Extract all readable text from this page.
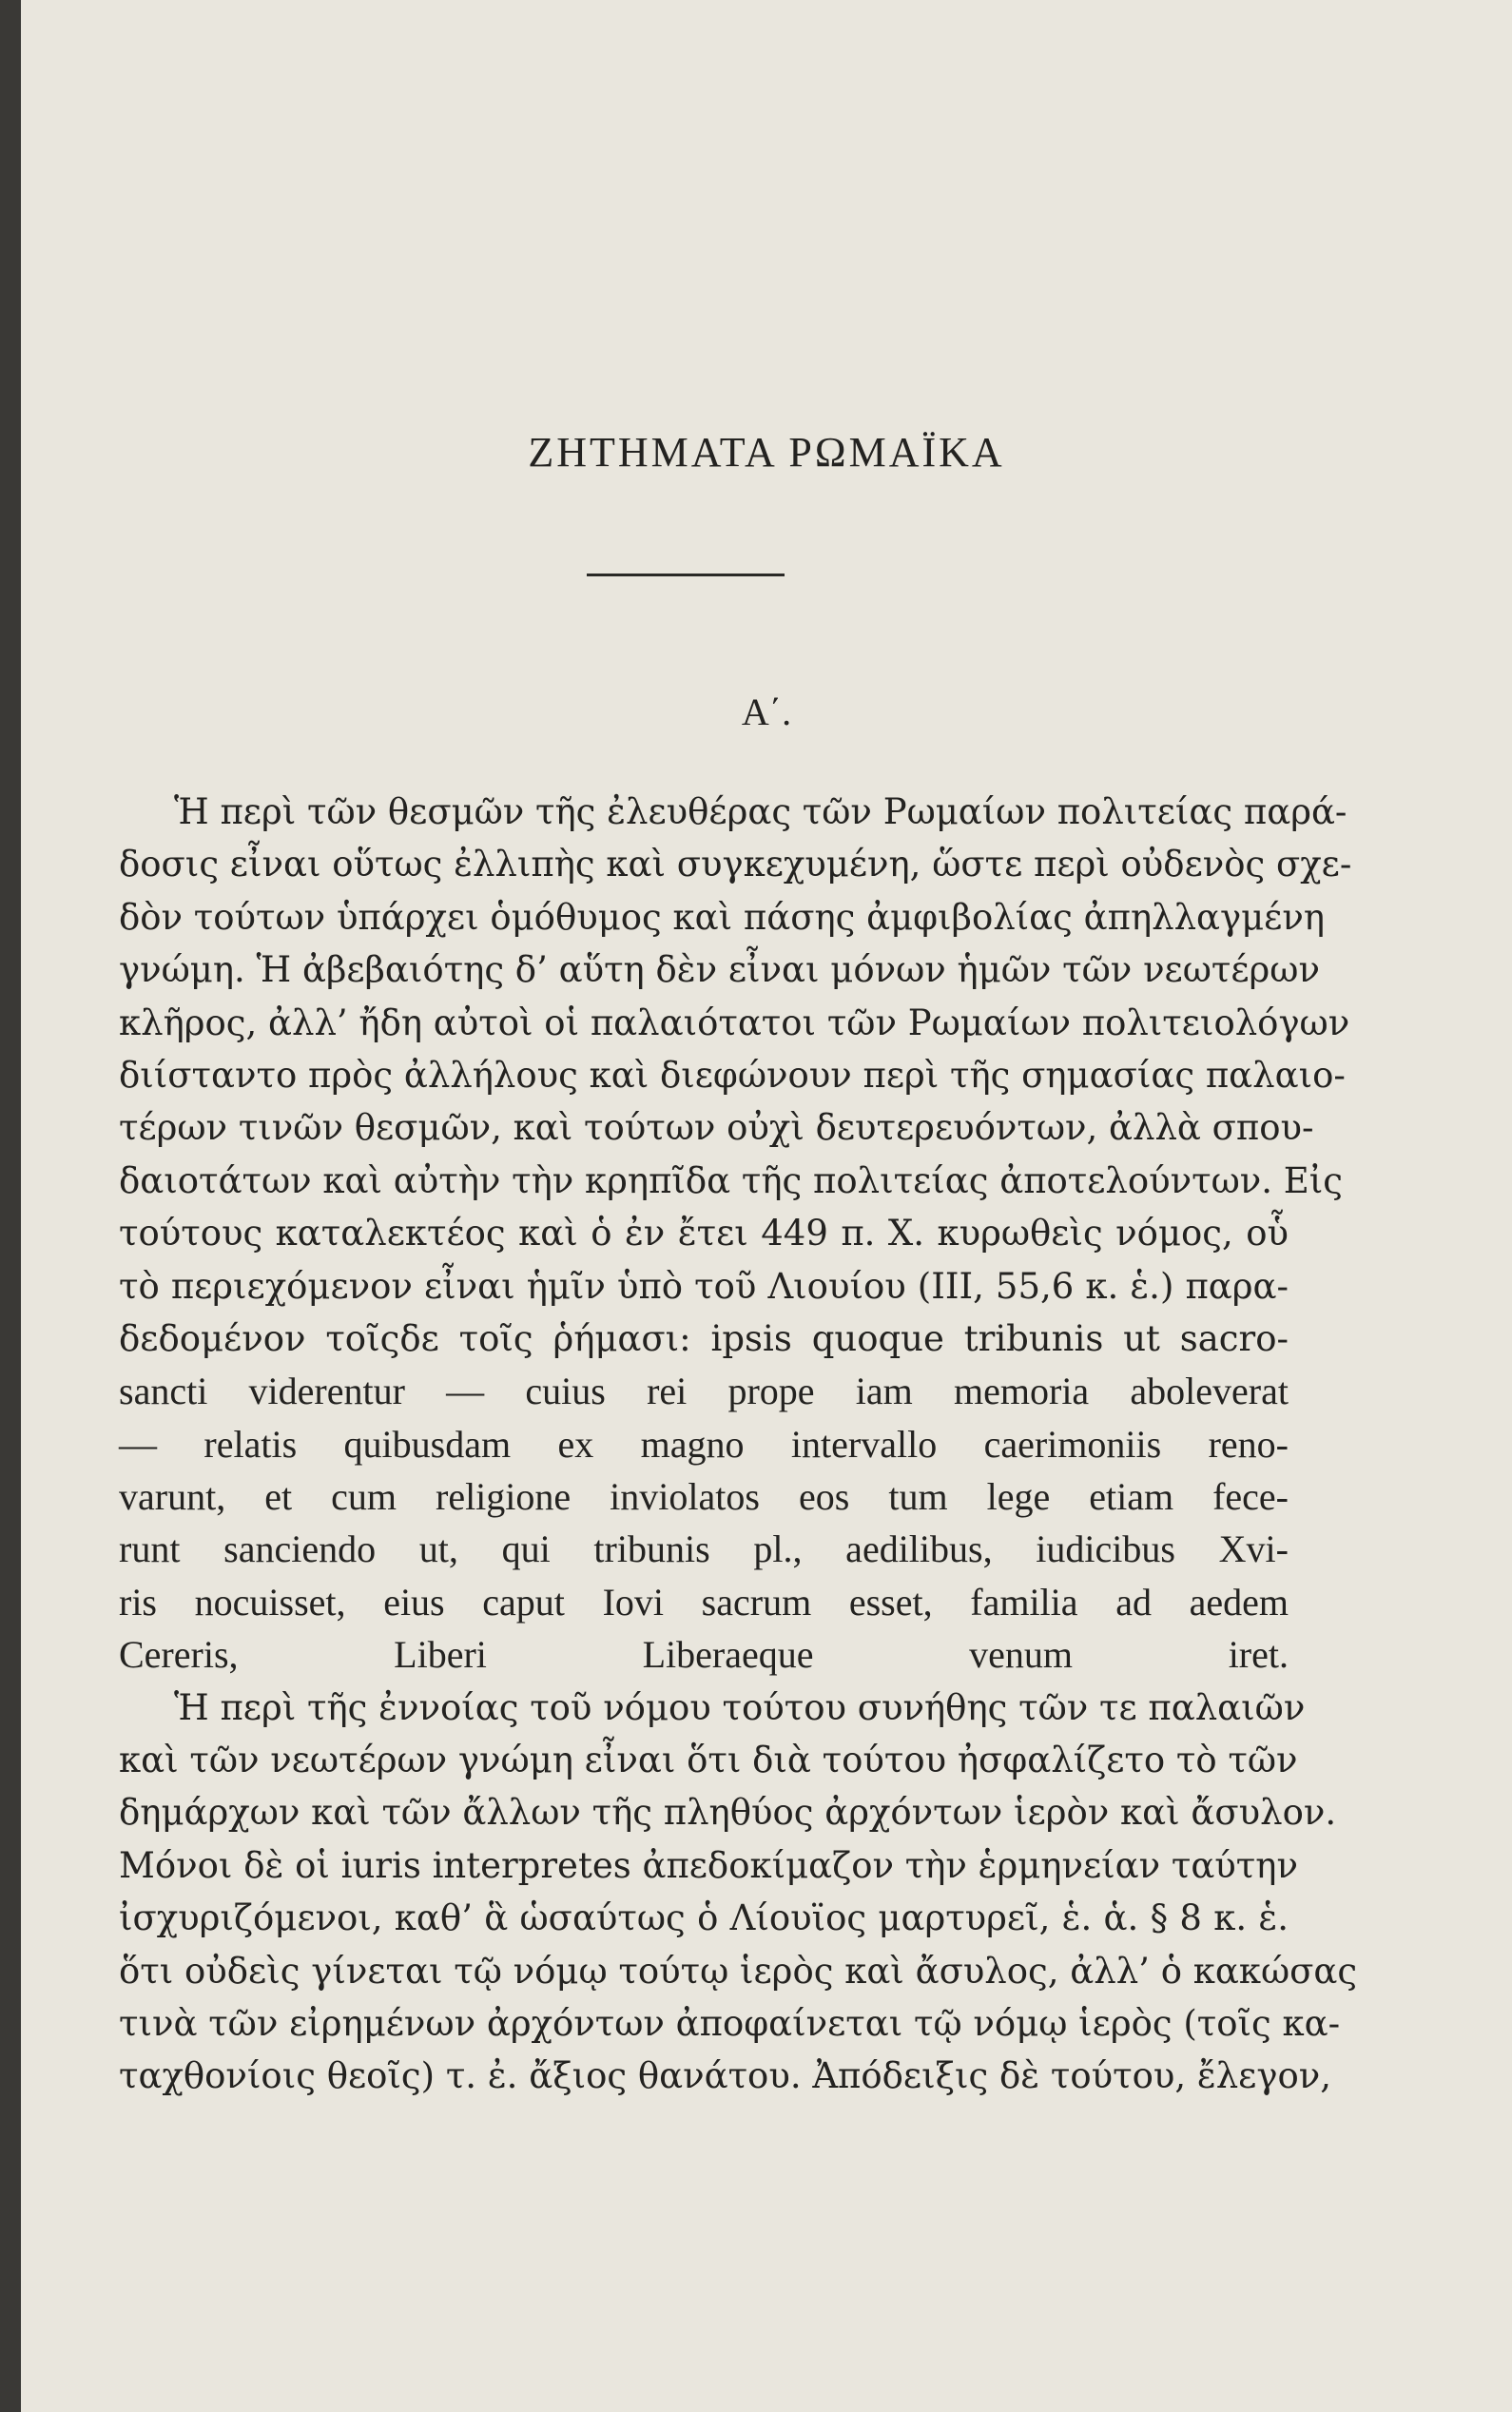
ΖΗΤΗΜΑΤΑ ΡΩΜΑΪΚΑ
Α΄.
Ἡ περὶ τῶν θεσμῶν τῆς ἐλευθέρας τῶν Ρωμαίων πολιτείας παρά-
δοσις εἶναι οὕτως ἐλλιπὴς καὶ συγκεχυμένη, ὥστε περὶ οὐδενὸς σχε-
δὸν τούτων ὑπάρχει ὁμόθυμος καὶ πάσης ἀμφιβολίας ἀπηλλαγμένη
γνώμη. Ἡ ἀβεβαιότης δ’ αὕτη δὲν εἶναι μόνων ἡμῶν τῶν νεωτέρων
κλῆρος, ἀλλ’ ἤδη αὐτοὶ οἱ παλαιότατοι τῶν Ρωμαίων πολιτειολόγων
διίσταντο πρὸς ἀλλήλους καὶ διεφώνουν περὶ τῆς σημασίας παλαιο-
τέρων τινῶν θεσμῶν, καὶ τούτων οὐχὶ δευτερευόντων, ἀλλὰ σπου-
δαιοτάτων καὶ αὐτὴν τὴν κρηπῖδα τῆς πολιτείας ἀποτελούντων. Εἰς
τούτους καταλεκτέος καὶ ὁ ἐν ἔτει 449 π. Χ. κυρωθεὶς νόμος, οὗ
τὸ περιεχόμενον εἶναι ἡμῖν ὑπὸ τοῦ Λιουίου (III, 55,6 κ. ἑ.) παρα-
δεδομένον τοῖςδε τοῖς ῥήμασι: ipsis quoque tribunis ut sacro-
sancti viderentur — cuius rei prope iam memoria aboleverat
— relatis quibusdam ex magno intervallo caerimoniis reno-
varunt, et cum religione inviolatos eos tum lege etiam fece-
runt sanciendo ut, qui tribunis pl., aedilibus, iudicibus Xvi-
ris nocuisset, eius caput Iovi sacrum esset, familia ad aedem
Cereris, Liberi Liberaeque venum iret.
Ἡ περὶ τῆς ἐννοίας τοῦ νόμου τούτου συνήθης τῶν τε παλαιῶν
καὶ τῶν νεωτέρων γνώμη εἶναι ὅτι διὰ τούτου ἠσφαλίζετο τὸ τῶν
δημάρχων καὶ τῶν ἄλλων τῆς πληθύος ἀρχόντων ἱερὸν καὶ ἄσυλον.
Μόνοι δὲ οἱ iuris interpretes ἀπεδοκίμαζον τὴν ἑρμηνείαν ταύτην
ἰσχυριζόμενοι, καθ’ ἃ ὡσαύτως ὁ Λίουϊος μαρτυρεῖ, ἑ. ἁ. § 8 κ. ἑ.
ὅτι οὐδεὶς γίνεται τῷ νόμῳ τούτῳ ἱερὸς καὶ ἄσυλος, ἀλλ’ ὁ κακώσας
τινὰ τῶν εἰρημένων ἀρχόντων ἀποφαίνεται τῷ νόμῳ ἱερὸς (τοῖς κα-
ταχθονίοις θεοῖς) τ. ἐ. ἄξιος θανάτου. Ἀπόδειξις δὲ τούτου, ἔλεγον,
